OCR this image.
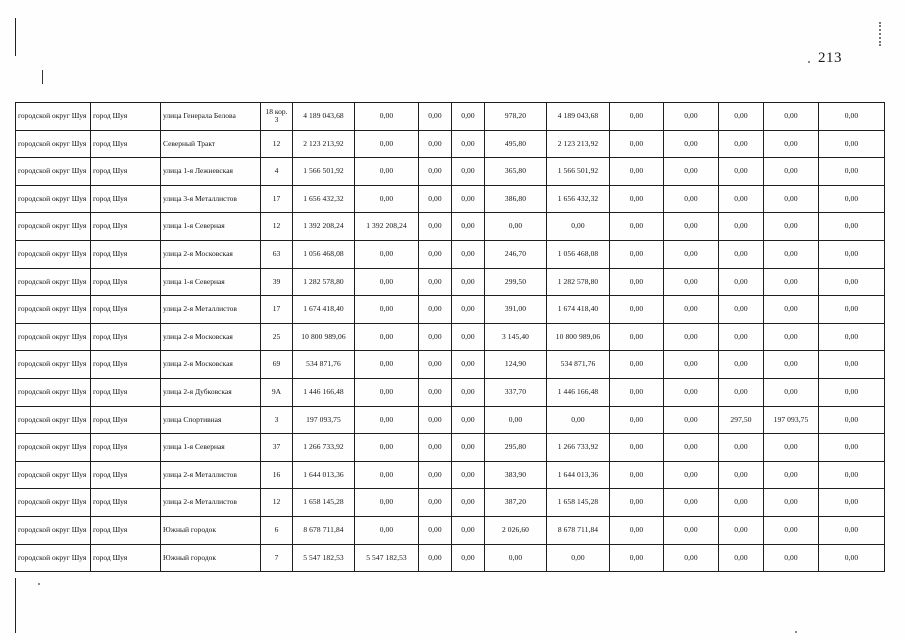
213
городской округ Шуя	город Шуя	улица Генерала Белова	18 кор. 3	4 189 043,68	0,00	0,00	0,00	978,20	4 189 043,68	0,00	0,00	0,00	0,00	0,00
городской округ Шуя	город Шуя	Северный Тракт	12	2 123 213,92	0,00	0,00	0,00	495,80	2 123 213,92	0,00	0,00	0,00	0,00	0,00
городской округ Шуя	город Шуя	улица 1-я Лежневская	4	1 566 501,92	0,00	0,00	0,00	365,80	1 566 501,92	0,00	0,00	0,00	0,00	0,00
городской округ Шуя	город Шуя	улица 3-я Металлистов	17	1 656 432,32	0,00	0,00	0,00	386,80	1 656 432,32	0,00	0,00	0,00	0,00	0,00
городской округ Шуя	город Шуя	улица 1-я Северная	12	1 392 208,24	1 392 208,24	0,00	0,00	0,00	0,00	0,00	0,00	0,00	0,00	0,00
городской округ Шуя	город Шуя	улица 2-я Московская	63	1 056 468,08	0,00	0,00	0,00	246,70	1 056 468,08	0,00	0,00	0,00	0,00	0,00
городской округ Шуя	город Шуя	улица 1-я Северная	39	1 282 578,80	0,00	0,00	0,00	299,50	1 282 578,80	0,00	0,00	0,00	0,00	0,00
городской округ Шуя	город Шуя	улица 2-я Металлистов	17	1 674 418,40	0,00	0,00	0,00	391,00	1 674 418,40	0,00	0,00	0,00	0,00	0,00
городской округ Шуя	город Шуя	улица 2-я Московская	25	10 800 989,06	0,00	0,00	0,00	3 145,40	10 800 989,06	0,00	0,00	0,00	0,00	0,00
городской округ Шуя	город Шуя	улица 2-я Московская	69	534 871,76	0,00	0,00	0,00	124,90	534 871,76	0,00	0,00	0,00	0,00	0,00
городской округ Шуя	город Шуя	улица 2-я Дубковская	9А	1 446 166,48	0,00	0,00	0,00	337,70	1 446 166,48	0,00	0,00	0,00	0,00	0,00
городской округ Шуя	город Шуя	улица Спортивная	3	197 093,75	0,00	0,00	0,00	0,00	0,00	0,00	0,00	297,50	197 093,75	0,00
городской округ Шуя	город Шуя	улица 1-я Северная	37	1 266 733,92	0,00	0,00	0,00	295,80	1 266 733,92	0,00	0,00	0,00	0,00	0,00
городской округ Шуя	город Шуя	улица 2-я Металлистов	16	1 644 013,36	0,00	0,00	0,00	383,90	1 644 013,36	0,00	0,00	0,00	0,00	0,00
городской округ Шуя	город Шуя	улица 2-я Металлистов	12	1 658 145,28	0,00	0,00	0,00	387,20	1 658 145,28	0,00	0,00	0,00	0,00	0,00
городской округ Шуя	город Шуя	Южный городок	6	8 678 711,84	0,00	0,00	0,00	2 026,60	8 678 711,84	0,00	0,00	0,00	0,00	0,00
городской округ Шуя	город Шуя	Южный городок	7	5 547 182,53	5 547 182,53	0,00	0,00	0,00	0,00	0,00	0,00	0,00	0,00	0,00
